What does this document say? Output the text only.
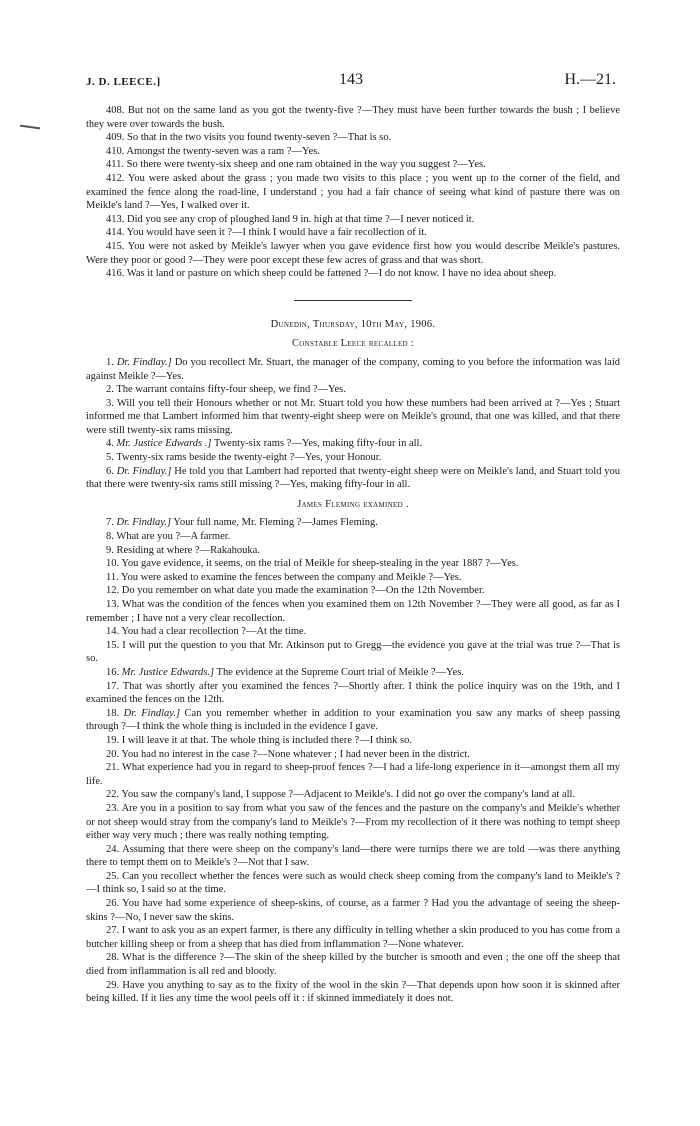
J. D. LEECE.]	143	H.—21.

408. But not on the same land as you got the twenty-five ?—They must have been further towards the bush ; I believe they were over towards the bush.

409. So that in the two visits you found twenty-seven ?—That is so.

410. Amongst the twenty-seven was a ram ?—Yes.

411. So there were twenty-six sheep and one ram obtained in the way you suggest ?—Yes.

412. You were asked about the grass ; you made two visits to this place ; you went up to the corner of the field, and examined the fence along the road-line, I understand ; you had a fair chance of seeing what kind of pasture there was on Meikle's land ?—Yes, I walked over it.

413. Did you see any crop of ploughed land 9 in. high at that time ?—I never noticed it.

414. You would have seen it ?—I think I would have a fair recollection of it.

415. You were not asked by Meikle's lawyer when you gave evidence first how you would describe Meikle's pastures. Were they poor or good ?—They were poor except these few acres of grass and that was short.

416. Was it land or pasture on which sheep could be fattened ?—I do not know. I have no idea about sheep.

Dunedin, Thursday, 10th May, 1906.

Constable Leece recalled :

1. Dr. Findlay.] Do you recollect Mr. Stuart, the manager of the company, coming to you before the information was laid against Meikle ?—Yes.

2. The warrant contains fifty-four sheep, we find ?—Yes.

3. Will you tell their Honours whether or not Mr. Stuart told you how these numbers had been arrived at ?—Yes ; Stuart informed me that Lambert informed him that twenty-eight sheep were on Meikle's ground, that one was killed, and that there were still twenty-six rams missing.

4. Mr. Justice Edwards .] Twenty-six rams ?—Yes, making fifty-four in all.

5. Twenty-six rams beside the twenty-eight ?—Yes, your Honour.

6. Dr. Findlay.] He told you that Lambert had reported that twenty-eight sheep were on Meikle's land, and Stuart told you that there were twenty-six rams still missing ?—Yes, making fifty-four in all.

James Fleming examined .

7. Dr. Findlay.] Your full name, Mr. Fleming ?—James Fleming.

8. What are you ?—A farmer.

9. Residing at where ?—Rakahouka.

10. You gave evidence, it seems, on the trial of Meikle for sheep-stealing in the year 1887 ?—Yes.

11. You were asked to examine the fences between the company and Meikle ?—Yes.

12. Do you remember on what date you made the examination ?—On the 12th November.

13. What was the condition of the fences when you examined them on 12th November ?—They were all good, as far as I remember ; I have not a very clear recollection.

14. You had a clear recollection ?—At the time.

15. I will put the question to you that Mr. Atkinson put to Gregg—the evidence you gave at the trial was true ?—That is so.

16. Mr. Justice Edwards.] The evidence at the Supreme Court trial of Meikle ?—Yes.

17. That was shortly after you examined the fences ?—Shortly after. I think the police inquiry was on the 19th, and I examined the fences on the 12th.

18. Dr. Findlay.] Can you remember whether in addition to your examination you saw any marks of sheep passing through ?—I think the whole thing is included in the evidence I gave.

19. I will leave it at that. The whole thing is included there ?—I think so.

20. You had no interest in the case ?—None whatever ; I had never been in the district.

21. What experience had you in regard to sheep-proof fences ?—I had a life-long experience in it—amongst them all my life.

22. You saw the company's land, I suppose ?—Adjacent to Meikle's. I did not go over the company's land at all.

23. Are you in a position to say from what you saw of the fences and the pasture on the company's and Meikle's whether or not sheep would stray from the company's land to Meikle's ?—From my recollection of it there was nothing to tempt sheep either way very much ; there was really nothing tempting.

24. Assuming that there were sheep on the company's land—there were turnips there we are told —was there anything there to tempt them on to Meikle's ?—Not that I saw.

25. Can you recollect whether the fences were such as would check sheep coming from the company's land to Meikle's ?—I think so, I said so at the time.

26. You have had some experience of sheep-skins, of course, as a farmer ? Had you the advantage of seeing the sheep-skins ?—No, I never saw the skins.

27. I want to ask you as an expert farmer, is there any difficulty in telling whether a skin produced to you has come from a butcher killing sheep or from a sheep that has died from inflammation ?—None whatever.

28. What is the difference ?—The skin of the sheep killed by the butcher is smooth and even ; the one off the sheep that died from inflammation is all red and bloody.

29. Have you anything to say as to the fixity of the wool in the skin ?—That depends upon how soon it is skinned after being killed. If it lies any time the wool peels off it : if skinned immediately it does not.
